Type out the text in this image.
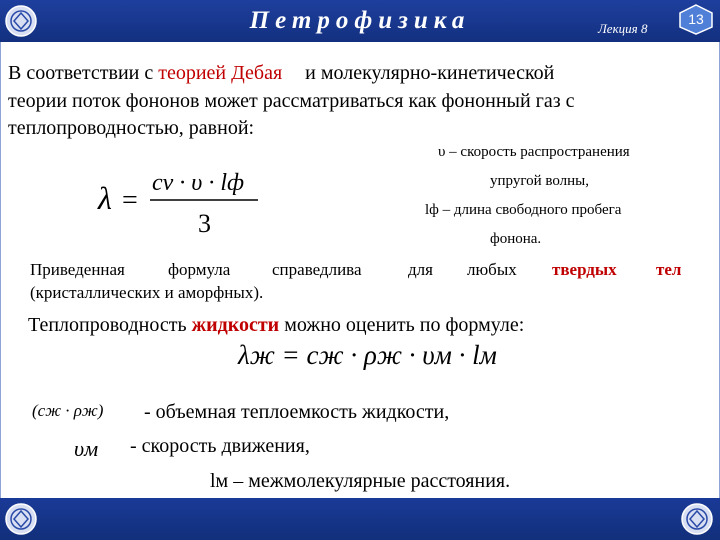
Петрофизика	Лекция 8
13
В соответствии с теорией Дебая и молекулярно-кинетической
теории поток фононов может рассматриваться как фононный газ с
теплопроводностью, равной:
λ =
cv · υ · lф
3
υ – скорость распространения
упругой волны,
lф – длина свободного пробега
фонона.
Приведенная	формула справедлива	для любых твердых тел
(кристаллических и аморфных).
Теплопроводность жидкости можно оценить по формуле:
λж = cж · ρж · υм · lм
(cж · ρж) - объемная теплоемкость жидкости,
υм - скорость движения,
lм – межмолекулярные расстояния.
